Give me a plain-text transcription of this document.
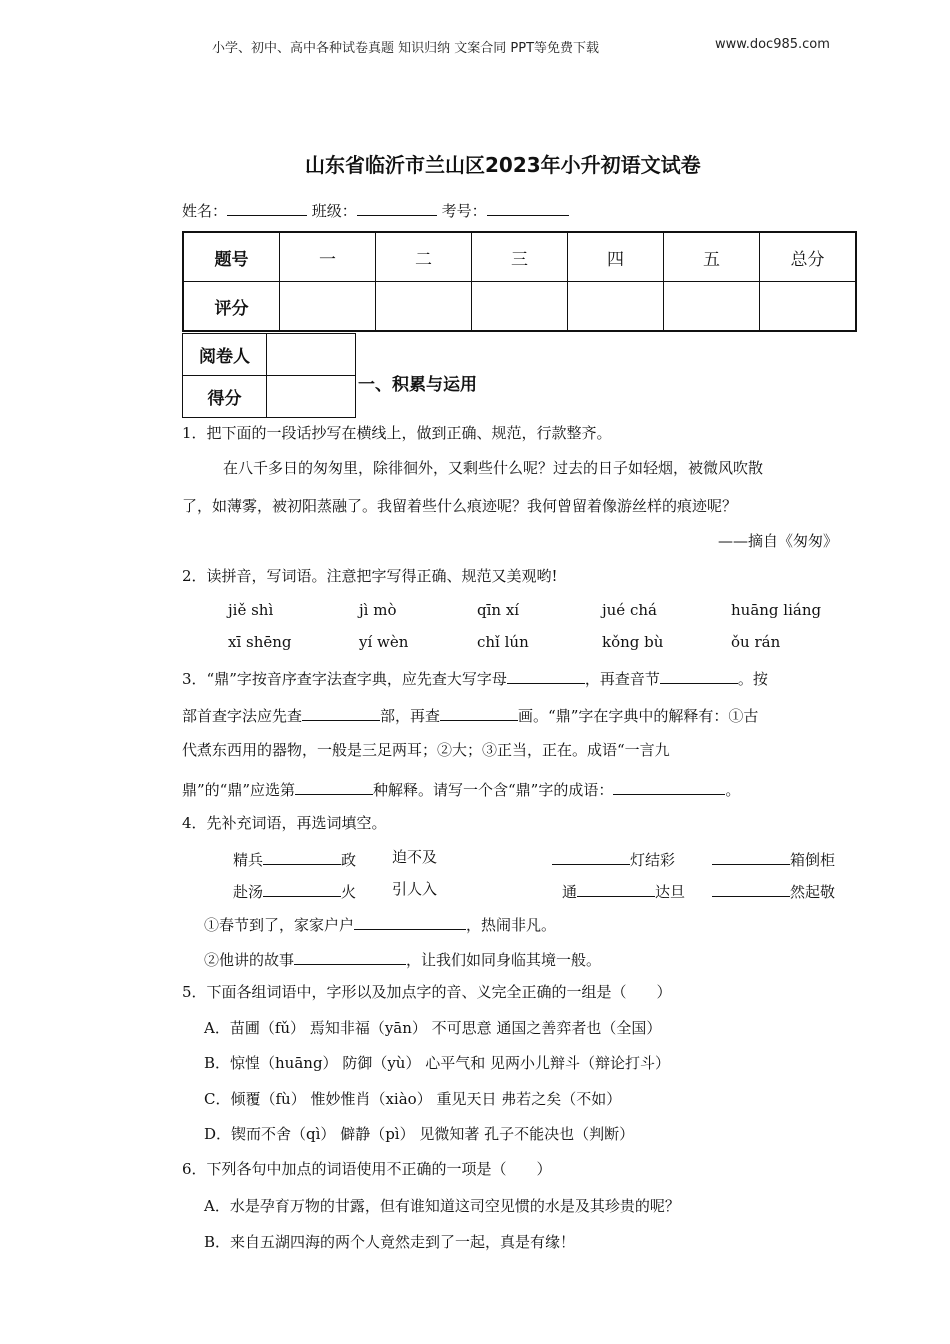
小学、初中、高中各种试卷真题 知识归纳 文案合同 PPT等免费下载	www.doc985.com
山东省临沂市兰山区2023年小升初语文试卷
姓名：	班级：	考号：
题号	一	二	三	四	五	总分
评分						
阅卷人	
得分	
一、积累与运用
1．把下面的一段话抄写在横线上，做到正确、规范，行款整齐。
在八千多日的匆匆里，除徘徊外，又剩些什么呢？过去的日子如轻烟，被微风吹散
了，如薄雾，被初阳蒸融了。我留着些什么痕迹呢？我何曾留着像游丝样的痕迹呢？
——摘自《匆匆》
2．读拼音，写词语。注意把字写得正确、规范又美观哟!
jiě shì	jì mò	qīn xí	jué chá	huāng liáng
xī shēng	yí wèn	chǐ lún	kǒng bù	ǒu rán
3．“鼎”字按音序查字法查字典，应先查大写字母	，再查音节	。按
部首查字法应先查	部，再查	画。“鼎”字在字典中的解释有：①古
代煮东西用的器物，一般是三足两耳；②大；③正当，正在。成语“一言九
鼎”的“鼎”应选第	种解释。请写一个含“鼎”字的成语：	。
4．先补充词语，再选词填空。
精兵	政 迫不及	灯结彩	箱倒柜
赴汤	火 引人入	通	达旦	然起敬
①春节到了，家家户户	，热闹非凡。
②他讲的故事	，让我们如同身临其境一般。
5．下面各组词语中，字形以及加点字的音、义完全正确的一组是（　　）
A．苗圃（fǔ） 焉知非福（yān） 不可思意 通国之善弈者也（全国）
B．惊惶（huāng） 防御（yù） 心平气和 见两小儿辩斗（辩论打斗）
C．倾覆（fù） 惟妙惟肖（xiào） 重见天日 弗若之矣（不如）
D．锲而不舍（qì） 僻静（pì） 见微知著 孔子不能决也（判断）
6．下列各句中加点的词语使用不正确的一项是（　　）
A．水是孕育万物的甘露，但有谁知道这司空见惯的水是及其珍贵的呢？
B．来自五湖四海的两个人竟然走到了一起，真是有缘！
